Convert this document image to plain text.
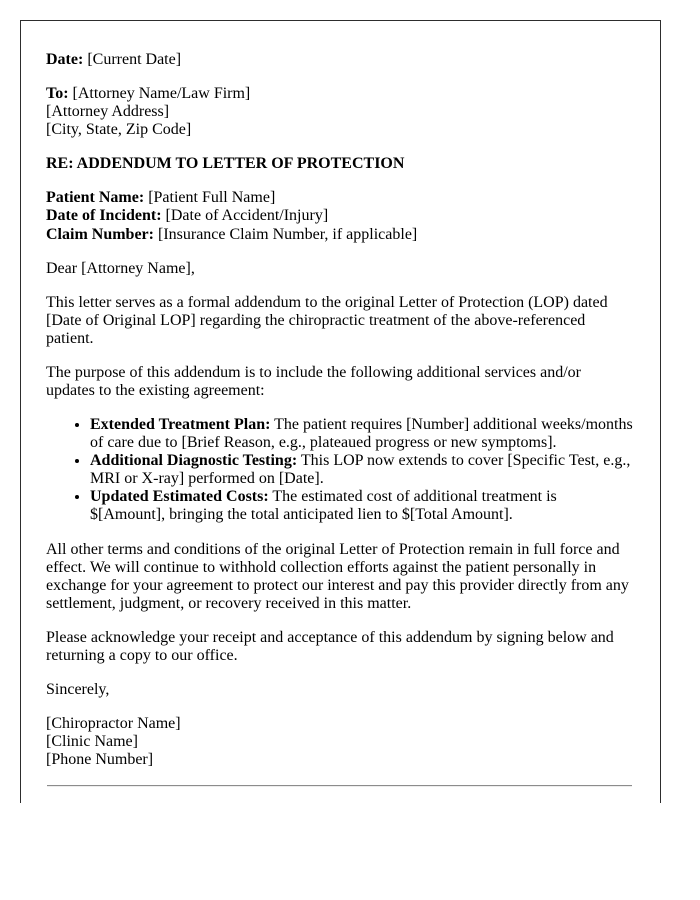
Date: [Current Date]
To: [Attorney Name/Law Firm]
[Attorney Address]
[City, State, Zip Code]
RE: ADDENDUM TO LETTER OF PROTECTION
Patient Name: [Patient Full Name]
Date of Incident: [Date of Accident/Injury]
Claim Number: [Insurance Claim Number, if applicable]
Dear [Attorney Name],
This letter serves as a formal addendum to the original Letter of Protection (LOP) dated [Date of Original LOP] regarding the chiropractic treatment of the above-referenced patient.
The purpose of this addendum is to include the following additional services and/or updates to the existing agreement:
• Extended Treatment Plan: The patient requires [Number] additional weeks/months of care due to [Brief Reason, e.g., plateaued progress or new symptoms].
• Additional Diagnostic Testing: This LOP now extends to cover [Specific Test, e.g., MRI or X-ray] performed on [Date].
• Updated Estimated Costs: The estimated cost of additional treatment is $[Amount], bringing the total anticipated lien to $[Total Amount].
All other terms and conditions of the original Letter of Protection remain in full force and effect. We will continue to withhold collection efforts against the patient personally in exchange for your agreement to protect our interest and pay this provider directly from any settlement, judgment, or recovery received in this matter.
Please acknowledge your receipt and acceptance of this addendum by signing below and returning a copy to our office.
Sincerely,
[Chiropractor Name]
[Clinic Name]
[Phone Number]
